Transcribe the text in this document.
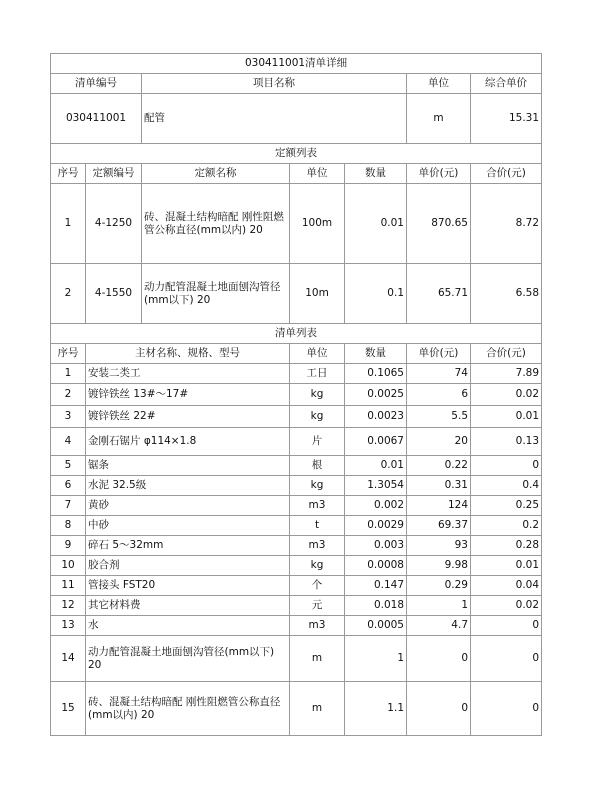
030411001清单详细						
清单编号		项目名称			单位	综合单价
030411001		配管			m	15.31
定额列表						
序号	定额编号	定额名称	单位	数量	单价(元)	合价(元)
1	4-1250	砖、混凝土结构暗配 刚性阻燃管公称直径(mm以内) 20	100m	0.01	870.65	8.72
2	4-1550	动力配管混凝土地面刨沟管径(mm以下) 20	10m	0.1	65.71	6.58
清单列表						
序号	主材名称、规格、型号		单位	数量	单价(元)	合价(元)
1	安装二类工		工日	0.1065	74	7.89
2	镀锌铁丝 13#～17#		kg	0.0025	6	0.02
3	镀锌铁丝 22#		kg	0.0023	5.5	0.01
4	金刚石锯片 φ114×1.8		片	0.0067	20	0.13
5	锯条		根	0.01	0.22	0
6	水泥 32.5级		kg	1.3054	0.31	0.4
7	黄砂		m3	0.002	124	0.25
8	中砂		t	0.0029	69.37	0.2
9	碎石 5～32mm		m3	0.003	93	0.28
10	胶合剂		kg	0.0008	9.98	0.01
11	管接头 FST20		个	0.147	0.29	0.04
12	其它材料费		元	0.018	1	0.02
13	水		m3	0.0005	4.7	0
14	动力配管混凝土地面刨沟管径(mm以下) 20		m	1	0	0
15	砖、混凝土结构暗配 刚性阻燃管公称直径(mm以内) 20		m	1.1	0	0
